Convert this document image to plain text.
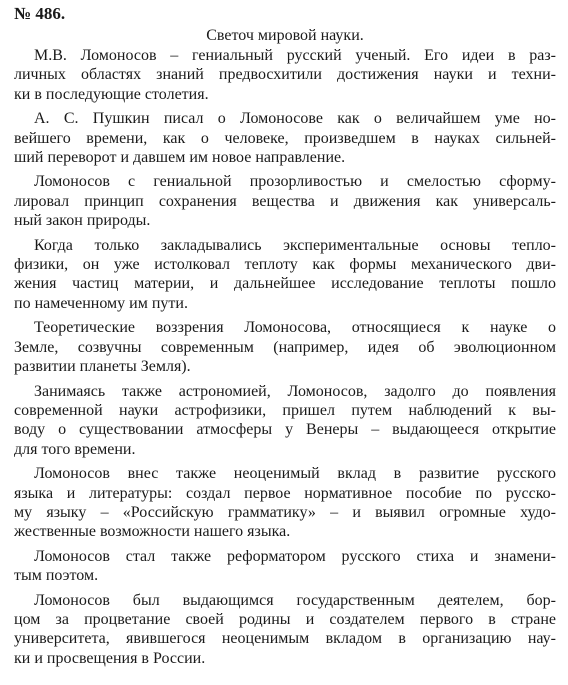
№ 486.
Светоч мировой науки.
М.В. Ломоносов – гениальный русский ученый. Его идеи в раз-
личных областях знаний предвосхитили достижения науки и техни-
ки в последующие столетия.
А. С. Пушкин писал о Ломоносове как о величайшем уме но-
вейшего времени, как о человеке, произведшем в науках сильней-
ший переворот и давшем им новое направление.
Ломоносов с гениальной прозорливостью и смелостью сформу-
лировал принцип сохранения вещества и движения как универсаль-
ный закон природы.
Когда только закладывались экспериментальные основы тепло-
физики, он уже истолковал теплоту как формы механического дви-
жения частиц материи, и дальнейшее исследование теплоты пошло
по намеченному им пути.
Теоретические воззрения Ломоносова, относящиеся к науке о
Земле, созвучны современным (например, идея об эволюционном
развитии планеты Земля).
Занимаясь также астрономией, Ломоносов, задолго до появления
современной науки астрофизики, пришел путем наблюдений к вы-
воду о существовании атмосферы у Венеры – выдающееся открытие
для того времени.
Ломоносов внес также неоценимый вклад в развитие русского
языка и литературы: создал первое нормативное пособие по русско-
му языку – «Российскую грамматику» – и выявил огромные худо-
жественные возможности нашего языка.
Ломоносов стал также реформатором русского стиха и знамени-
тым поэтом.
Ломоносов был выдающимся государственным деятелем, бор-
цом за процветание своей родины и создателем первого в стране
университета, явившегося неоценимым вкладом в организацию нау-
ки и просвещения в России.
